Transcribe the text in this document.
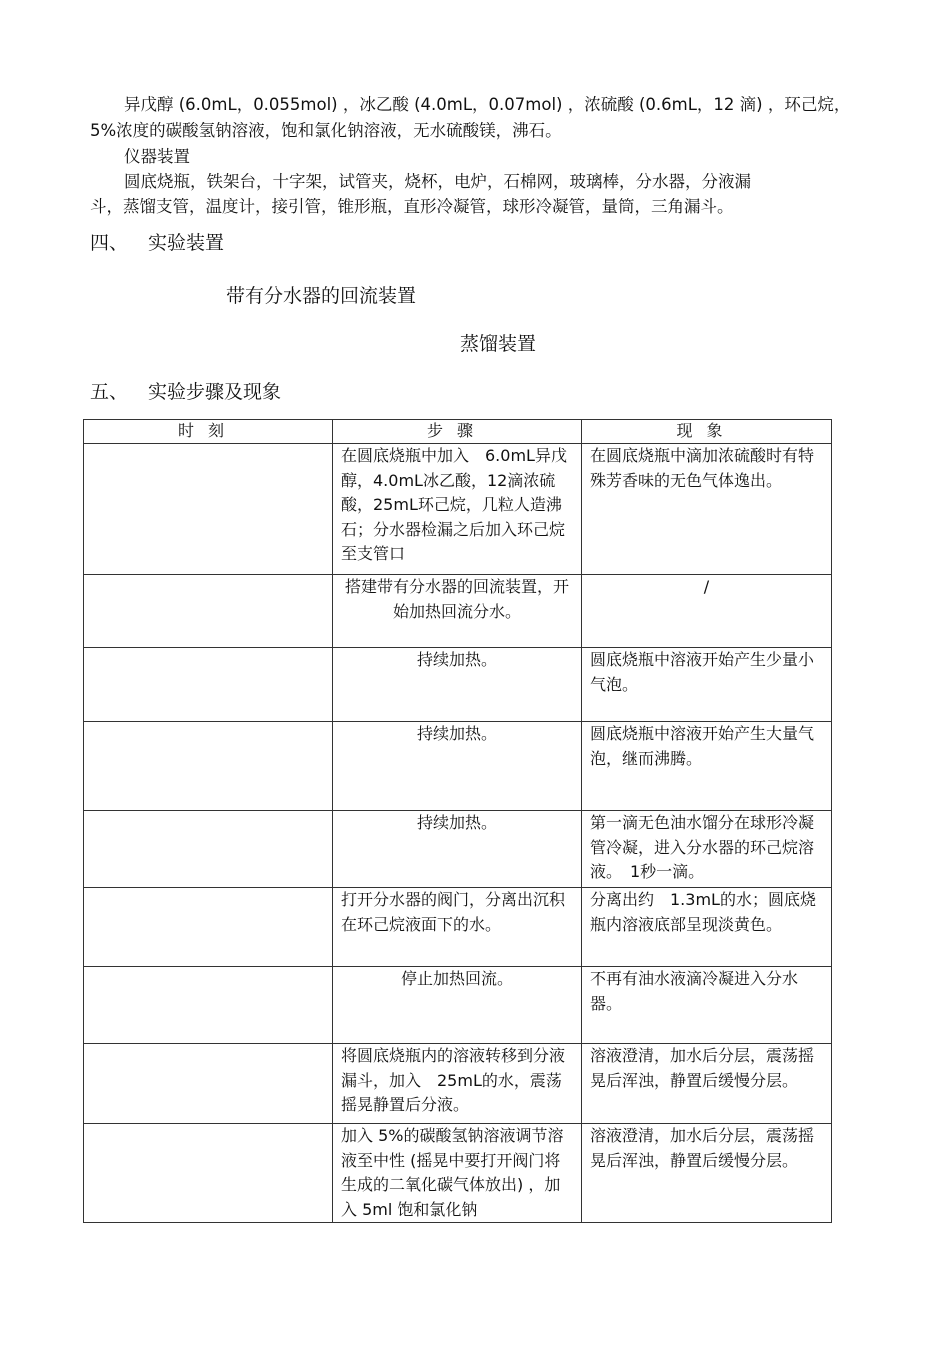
异戊醇 (6.0mL，0.055mol) ，冰乙酸 (4.0mL，0.07mol) ，浓硫酸 (0.6mL，12 滴) ，环己烷，
5%浓度的碳酸氢钠溶液，饱和氯化钠溶液，无水硫酸镁，沸石。
仪器装置
圆底烧瓶，铁架台，十字架，试管夹，烧杯，电炉，石棉网，玻璃棒，分水器，分液漏
斗，蒸馏支管，温度计，接引管，锥形瓶，直形冷凝管，球形冷凝管，量筒，三角漏斗。
四、 实验装置
带有分水器的回流装置
蒸馏装置
五、 实验步骤及现象
时刻	步骤	现象
	在圆底烧瓶中加入　6.0mL异戊醇，4.0mL冰乙酸，12滴浓硫酸，25mL环己烷，几粒人造沸石；分水器检漏之后加入环己烷至支管口	在圆底烧瓶中滴加浓硫酸时有特殊芳香味的无色气体逸出。
	搭建带有分水器的回流装置，开始加热回流分水。	/
	持续加热。	圆底烧瓶中溶液开始产生少量小气泡。
	持续加热。	圆底烧瓶中溶液开始产生大量气泡，继而沸腾。
	持续加热。	第一滴无色油水馏分在球形冷凝管冷凝，进入分水器的环己烷溶液。　1秒一滴。
	打开分水器的阀门，分离出沉积在环己烷液面下的水。	分离出约　1.3mL的水；圆底烧瓶内溶液底部呈现淡黄色。
	停止加热回流。	不再有油水液滴冷凝进入分水器。
	将圆底烧瓶内的溶液转移到分液漏斗，加入　25mL的水，震荡摇晃静置后分液。	溶液澄清，加水后分层，震荡摇晃后浑浊，静置后缓慢分层。
	加入 5%的碳酸氢钠溶液调节溶液至中性 (摇晃中要打开阀门将生成的二氧化碳气体放出) ，加入 5ml 饱和氯化钠	溶液澄清，加水后分层，震荡摇晃后浑浊，静置后缓慢分层。
